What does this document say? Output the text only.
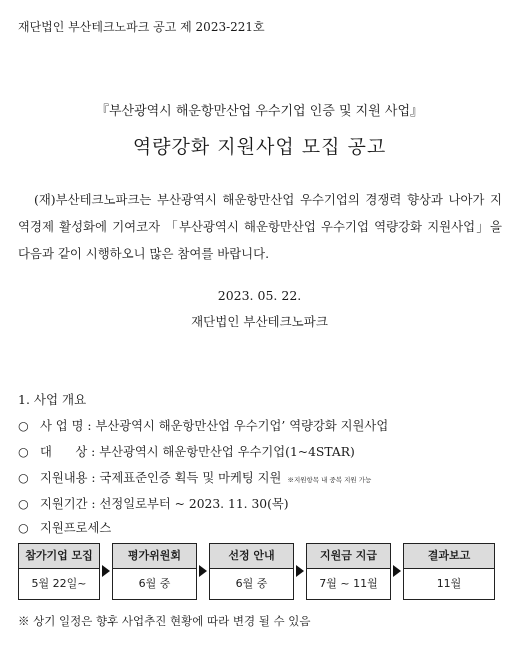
재단법인 부산테크노파크 공고 제 2023-221호
『부산광역시 해운항만산업 우수기업 인증 및 지원 사업』
역량강화 지원사업 모집 공고
(재)부산테크노파크는 부산광역시 해운항만산업 우수기업의 경쟁력 향상과 나아가 지역경제 활성화에 기여코자 「부산광역시 해운항만산업 우수기업 역량강화 지원사업」을 다음과 같이 시행하오니 많은 참여를 바랍니다.
2023. 05. 22.
재단법인 부산테크노파크
1. 사업 개요
○ 사 업 명 : 부산광역시 해운항만산업 우수기업’ 역량강화 지원사업
○ 대      상 : 부산광역시 해운항만산업 우수기업(1~4STAR)
○ 지원내용 : 국제표준인증 획득 및 마케팅 지원 ※지원항목 내 중복 지원 가능
○ 지원기간 : 선정일로부터 ~ 2023. 11. 30(목)
○ 지원프로세스
참가기업 모집
5월 22일~
평가위원회
6월 중
선정 안내
6월 중
지원금 지급
7월 ~ 11월
결과보고
11월
※ 상기 일정은 향후 사업추진 현황에 따라 변경 될 수 있음
